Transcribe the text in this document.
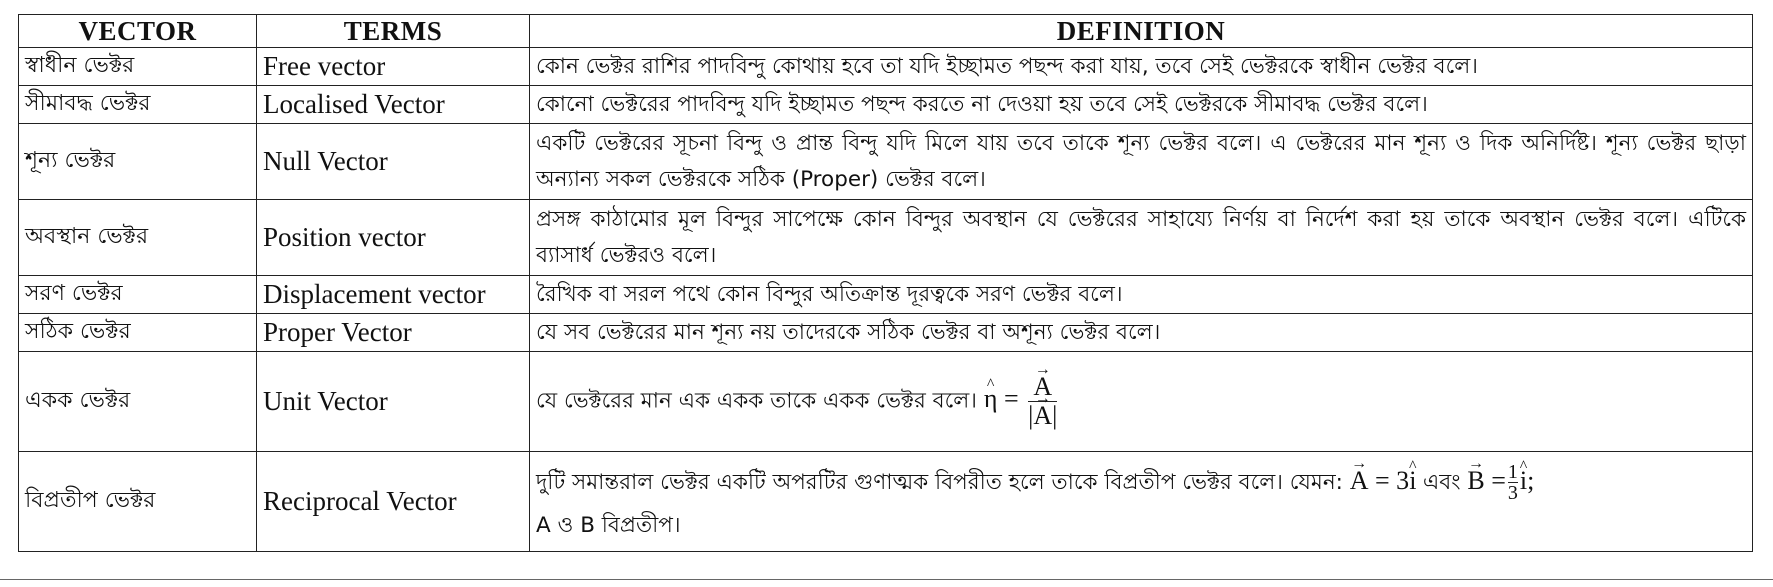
VECTOR	TERMS	DEFINITION
স্বাধীন ভেক্টর	Free vector	কোন ভেক্টর রাশির পাদবিন্দু কোথায় হবে তা যদি ইচ্ছামত পছন্দ করা যায়, তবে সেই ভেক্টরকে স্বাধীন ভেক্টর বলে।
সীমাবদ্ধ ভেক্টর	Localised Vector	কোনো ভেক্টরের পাদবিন্দু যদি ইচ্ছামত পছন্দ করতে না দেওয়া হয় তবে সেই ভেক্টরকে সীমাবদ্ধ ভেক্টর বলে।
শূন্য ভেক্টর	Null Vector	একটি ভেক্টরের সূচনা বিন্দু ও প্রান্ত বিন্দু যদি মিলে যায় তবে তাকে শূন্য ভেক্টর বলে। এ ভেক্টরের মান শূন্য ও দিক অনির্দিষ্ট। শূন্য ভেক্টর ছাড়া অন্যান্য সকল ভেক্টরকে সঠিক (Proper) ভেক্টর বলে।
অবস্থান ভেক্টর	Position vector	প্রসঙ্গ কাঠামোর মূল বিন্দুর সাপেক্ষে কোন বিন্দুর অবস্থান যে ভেক্টরের সাহায্যে নির্ণয় বা নির্দেশ করা হয় তাকে অবস্থান ভেক্টর বলে। এটিকে ব্যাসার্ধ ভেক্টরও বলে।
সরণ ভেক্টর	Displacement vector	রৈখিক বা সরল পথে কোন বিন্দুর অতিক্রান্ত দূরত্বকে সরণ ভেক্টর বলে।
সঠিক ভেক্টর	Proper Vector	যে সব ভেক্টরের মান শূন্য নয় তাদেরকে সঠিক ভেক্টর বা অশূন্য ভেক্টর বলে।
একক ভেক্টর	Unit Vector	যে ভেক্টরের মান এক একক তাকে একক ভেক্টর বলে। ^ η = → $\frac{A}{|\to A|}$

বিপ্রতীপ ভেক্টর	Reciprocal Vector	দুটি সমান্তরাল ভেক্টর একটি অপরটির গুণাত্মক বিপরীত হলে তাকে বিপ্রতীপ ভেক্টর বলে। যেমন: → A = 3^ i এবং → $B = \frac{1}{3}$ ^ i;
A ও B বিপ্রতীপ।
